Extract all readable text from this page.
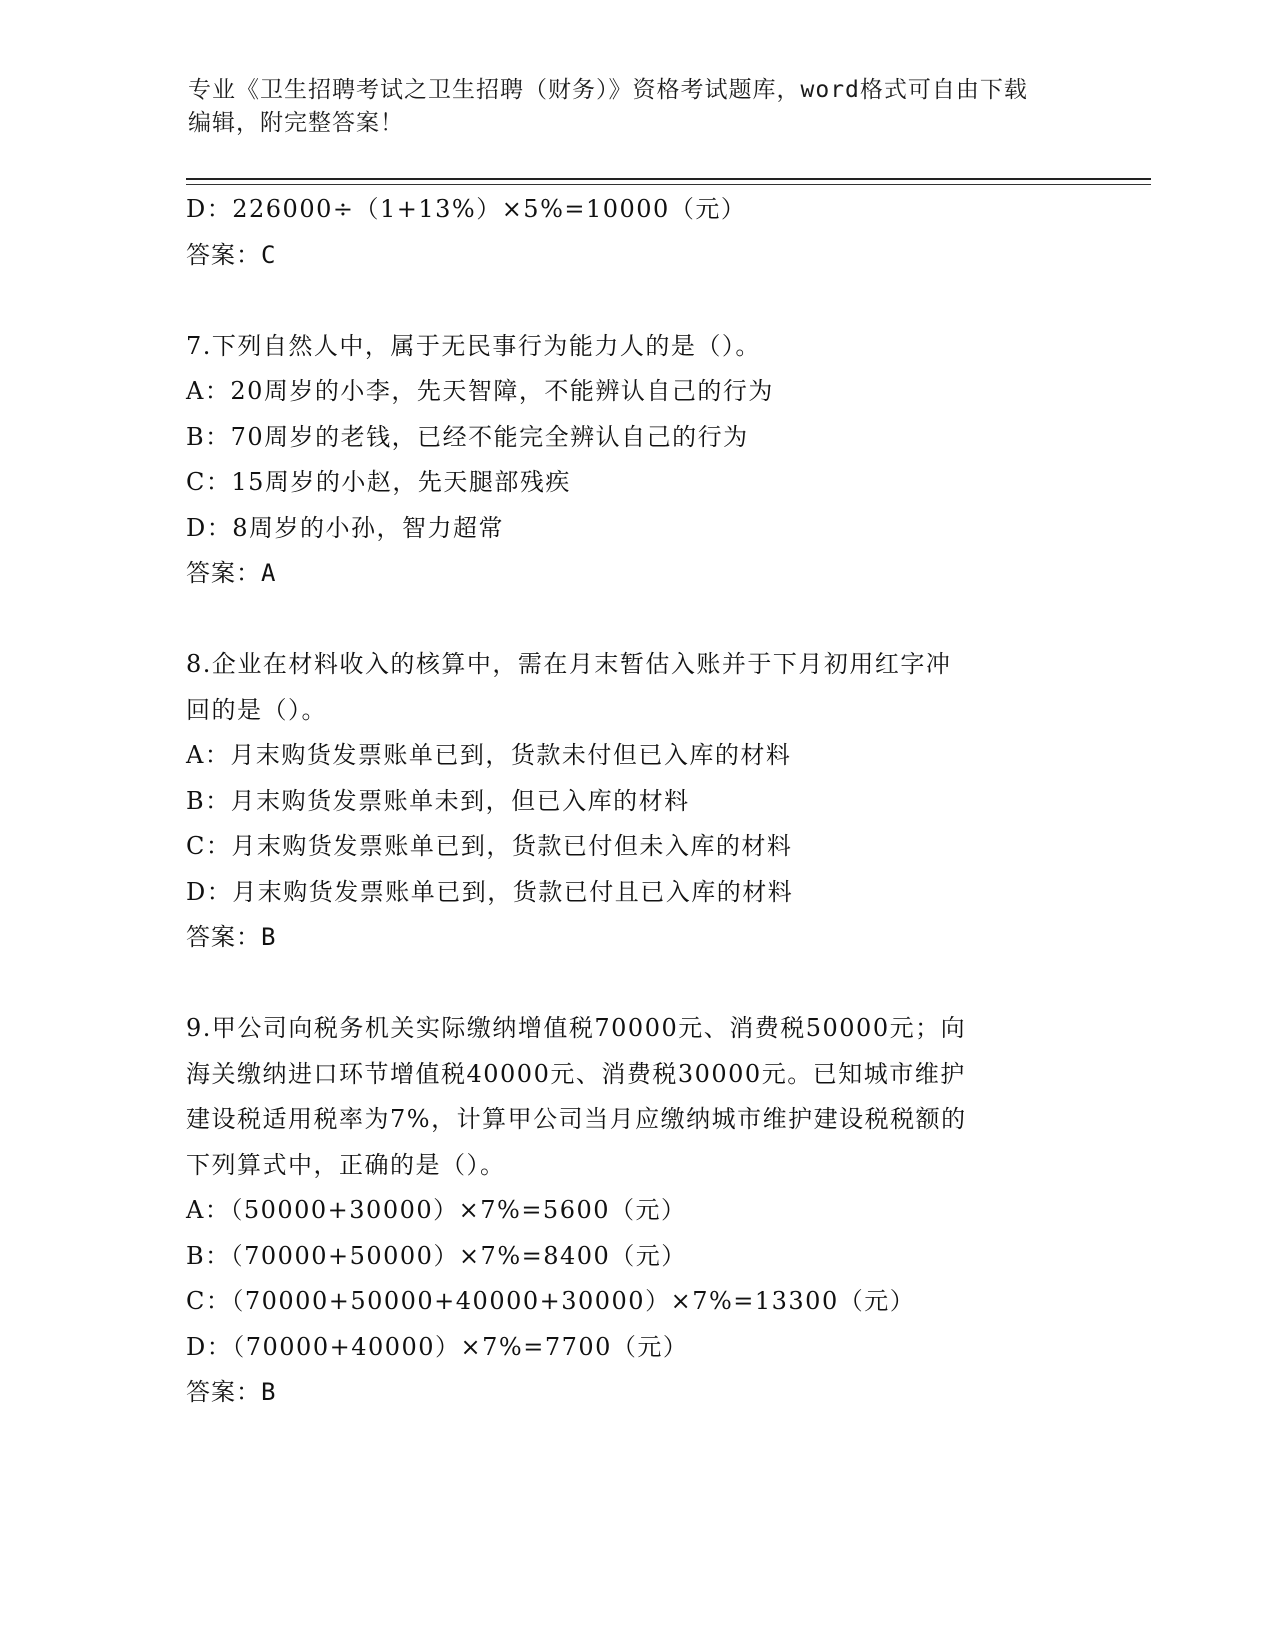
专业《卫生招聘考试之卫生招聘（财务）》资格考试题库，word格式可自由下载
编辑，附完整答案！
D：226000÷（1+13%）×5%=10000（元）
答案：C
7.下列自然人中，属于无民事行为能力人的是（）。
A：20周岁的小李，先天智障，不能辨认自己的行为
B：70周岁的老钱，已经不能完全辨认自己的行为
C：15周岁的小赵，先天腿部残疾
D：8周岁的小孙，智力超常
答案：A
8.企业在材料收入的核算中，需在月末暂估入账并于下月初用红字冲
回的是（）。
A：月末购货发票账单已到，货款未付但已入库的材料
B：月末购货发票账单未到，但已入库的材料
C：月末购货发票账单已到，货款已付但未入库的材料
D：月末购货发票账单已到，货款已付且已入库的材料
答案：B
9.甲公司向税务机关实际缴纳增值税70000元、消费税50000元；向
海关缴纳进口环节增值税40000元、消费税30000元。已知城市维护
建设税适用税率为7%，计算甲公司当月应缴纳城市维护建设税税额的
下列算式中，正确的是（）。
A：（50000+30000）×7%=5600（元）
B：（70000+50000）×7%=8400（元）
C：（70000+50000+40000+30000）×7%=13300（元）
D：（70000+40000）×7%=7700（元）
答案：B
